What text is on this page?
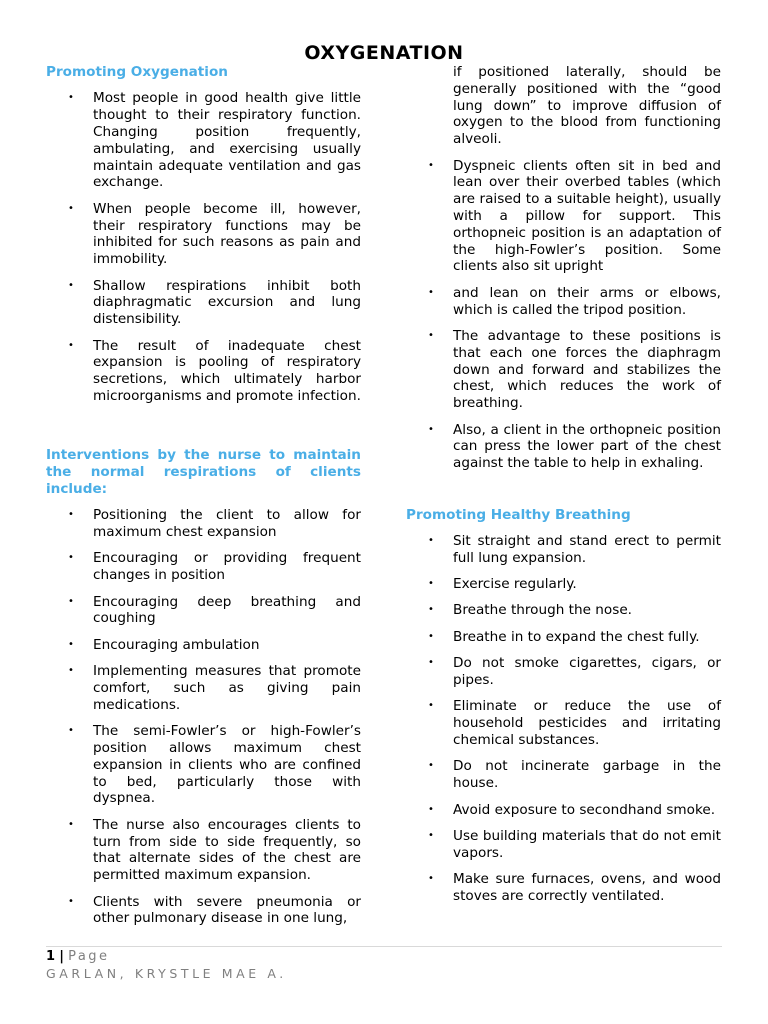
OXYGENATION

Promoting Oxygenation

• Most people in good health give little thought to their respiratory function. Changing position frequently, ambulating, and exercising usually maintain adequate ventilation and gas exchange.
• When people become ill, however, their respiratory functions may be inhibited for such reasons as pain and immobility.
• Shallow respirations inhibit both diaphragmatic excursion and lung distensibility.
• The result of inadequate chest expansion is pooling of respiratory secretions, which ultimately harbor microorganisms and promote infection.

Interventions by the nurse to maintain the normal respirations of clients include:

• Positioning the client to allow for maximum chest expansion
• Encouraging or providing frequent changes in position
• Encouraging deep breathing and coughing
• Encouraging ambulation
• Implementing measures that promote comfort, such as giving pain medications.
• The semi-Fowler’s or high-Fowler’s position allows maximum chest expansion in clients who are confined to bed, particularly those with dyspnea.
• The nurse also encourages clients to turn from side to side frequently, so that alternate sides of the chest are permitted maximum expansion.
• Clients with severe pneumonia or other pulmonary disease in one lung,
if positioned laterally, should be generally positioned with the “good lung down” to improve diffusion of oxygen to the blood from functioning alveoli.
• Dyspneic clients often sit in bed and lean over their overbed tables (which are raised to a suitable height), usually with a pillow for support. This orthopneic position is an adaptation of the high-Fowler’s position. Some clients also sit upright
• and lean on their arms or elbows, which is called the tripod position.
• The advantage to these positions is that each one forces the diaphragm down and forward and stabilizes the chest, which reduces the work of breathing.
• Also, a client in the orthopneic position can press the lower part of the chest against the table to help in exhaling.

Promoting Healthy Breathing

• Sit straight and stand erect to permit full lung expansion.
• Exercise regularly.
• Breathe through the nose.
• Breathe in to expand the chest fully.
• Do not smoke cigarettes, cigars, or pipes.
• Eliminate or reduce the use of household pesticides and irritating chemical substances.
• Do not incinerate garbage in the house.
• Avoid exposure to secondhand smoke.
• Use building materials that do not emit vapors.
• Make sure furnaces, ovens, and wood stoves are correctly ventilated.
1 | Page
GARLAN, KRYSTLE MAE A.
